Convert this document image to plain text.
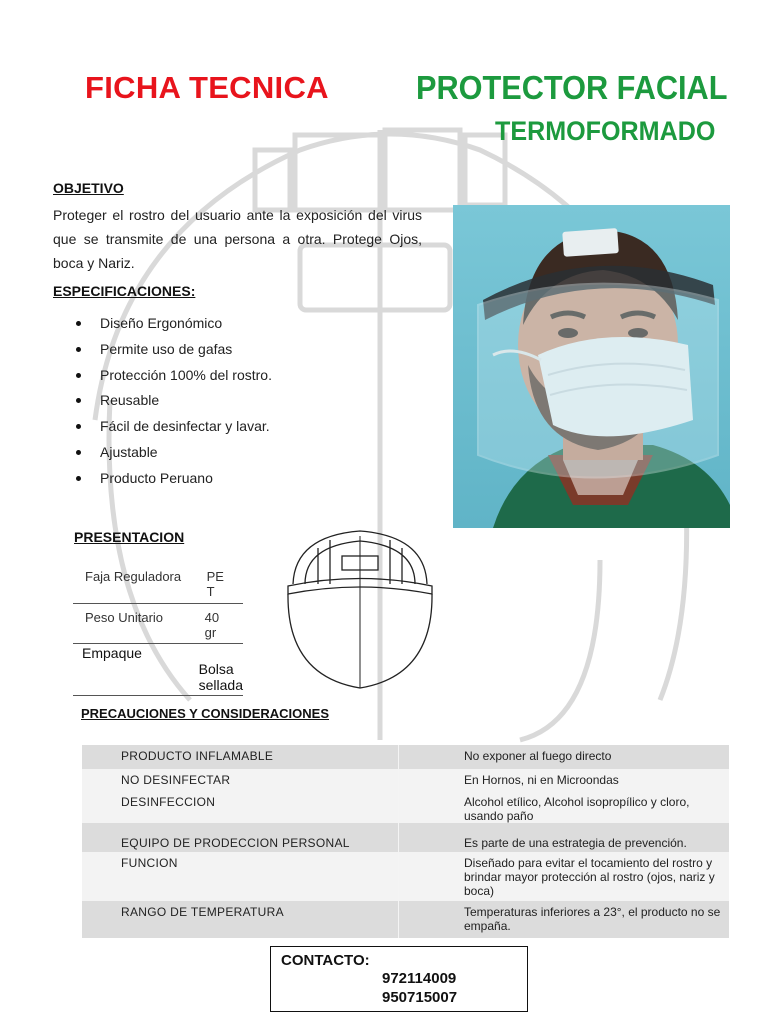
FICHA TECNICA	PROTECTOR FACIAL
TERMOFORMADO
OBJETIVO
Proteger el rostro del usuario ante la exposición del virus que se transmite de una persona a otra. Protege Ojos, boca y Nariz.
ESPECIFICACIONES:
Diseño Ergonómico
Permite uso de gafas
Protección 100% del rostro.
Reusable
Fácil de desinfectar y lavar.
Ajustable
Producto Peruano
PRESENTACION
Faja Reguladora	PE T
Peso Unitario	40 gr
Empaque	Bolsa sellada
PRECAUCIONES Y CONSIDERACIONES
PRODUCTO INFLAMABLE	No exponer al fuego directo
NO DESINFECTAR	En Hornos, ni en Microondas
DESINFECCION	Alcohol etílico, Alcohol isopropílico y cloro, usando paño
EQUIPO DE PRODECCION PERSONAL	Es parte de una estrategia de prevención.
FUNCION	Diseñado para evitar el tocamiento del rostro y brindar mayor protección al rostro (ojos, nariz y boca)
RANGO DE TEMPERATURA	Temperaturas inferiores a 23°, el producto no se empaña.
CONTACTO:
972114009
950715007
